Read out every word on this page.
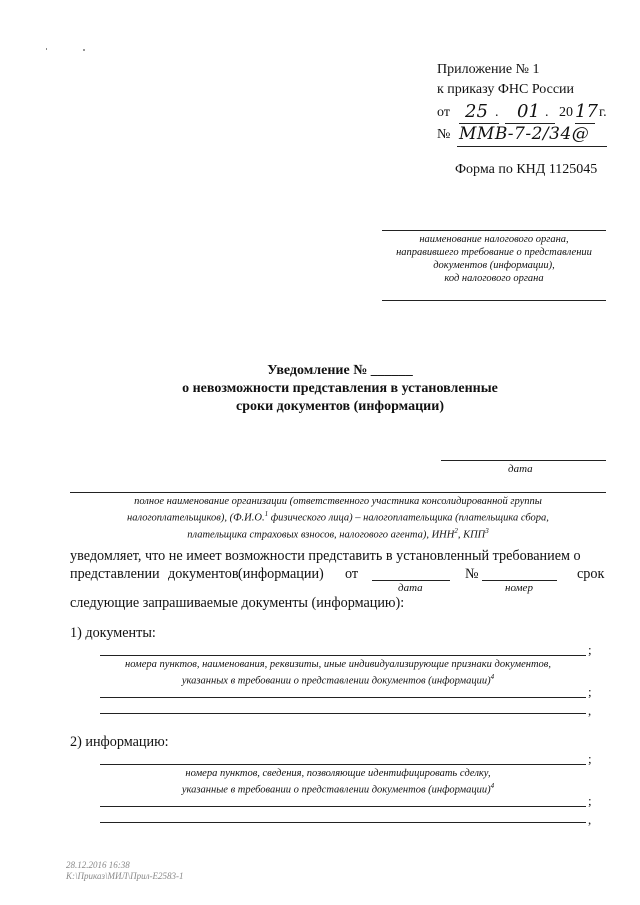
Приложение № 1
к приказу ФНС России
от 25 . 01 . 20 17 г.
№ ММВ-7-2/34@
Форма по КНД 1125045
наименование налогового органа,
направившего требование о представлении
документов (информации),
код налогового органа
Уведомление № ______
о невозможности представления в установленные
сроки документов (информации)
дата
полное наименование организации (ответственного участника консолидированной группы
налогоплательщиков), (Ф.И.О.$^1$ физического лица) – налогоплательщика (плательщика сбора,
плательщика страховых взносов, налогового агента), ИНН$^2$, КПП$^3$
уведомляет, что не имеет возможности представить в установленный требованием о
представлении документов (информации) от	№	срок
дата	номер
следующие запрашиваемые документы (информацию):
1) документы:
;
номера пунктов, наименования, реквизиты, иные индивидуализирующие признаки документов,
указанных в требовании о представлении документов (информации)$^4$
;
,
2) информацию:
;
номера пунктов, сведения, позволяющие идентифицировать сделку,
указанные в требовании о представлении документов (информации)$^4$
;
,
28.12.2016 16:38
К:\Приказ\МИЛ\Прил-Е2583-1
